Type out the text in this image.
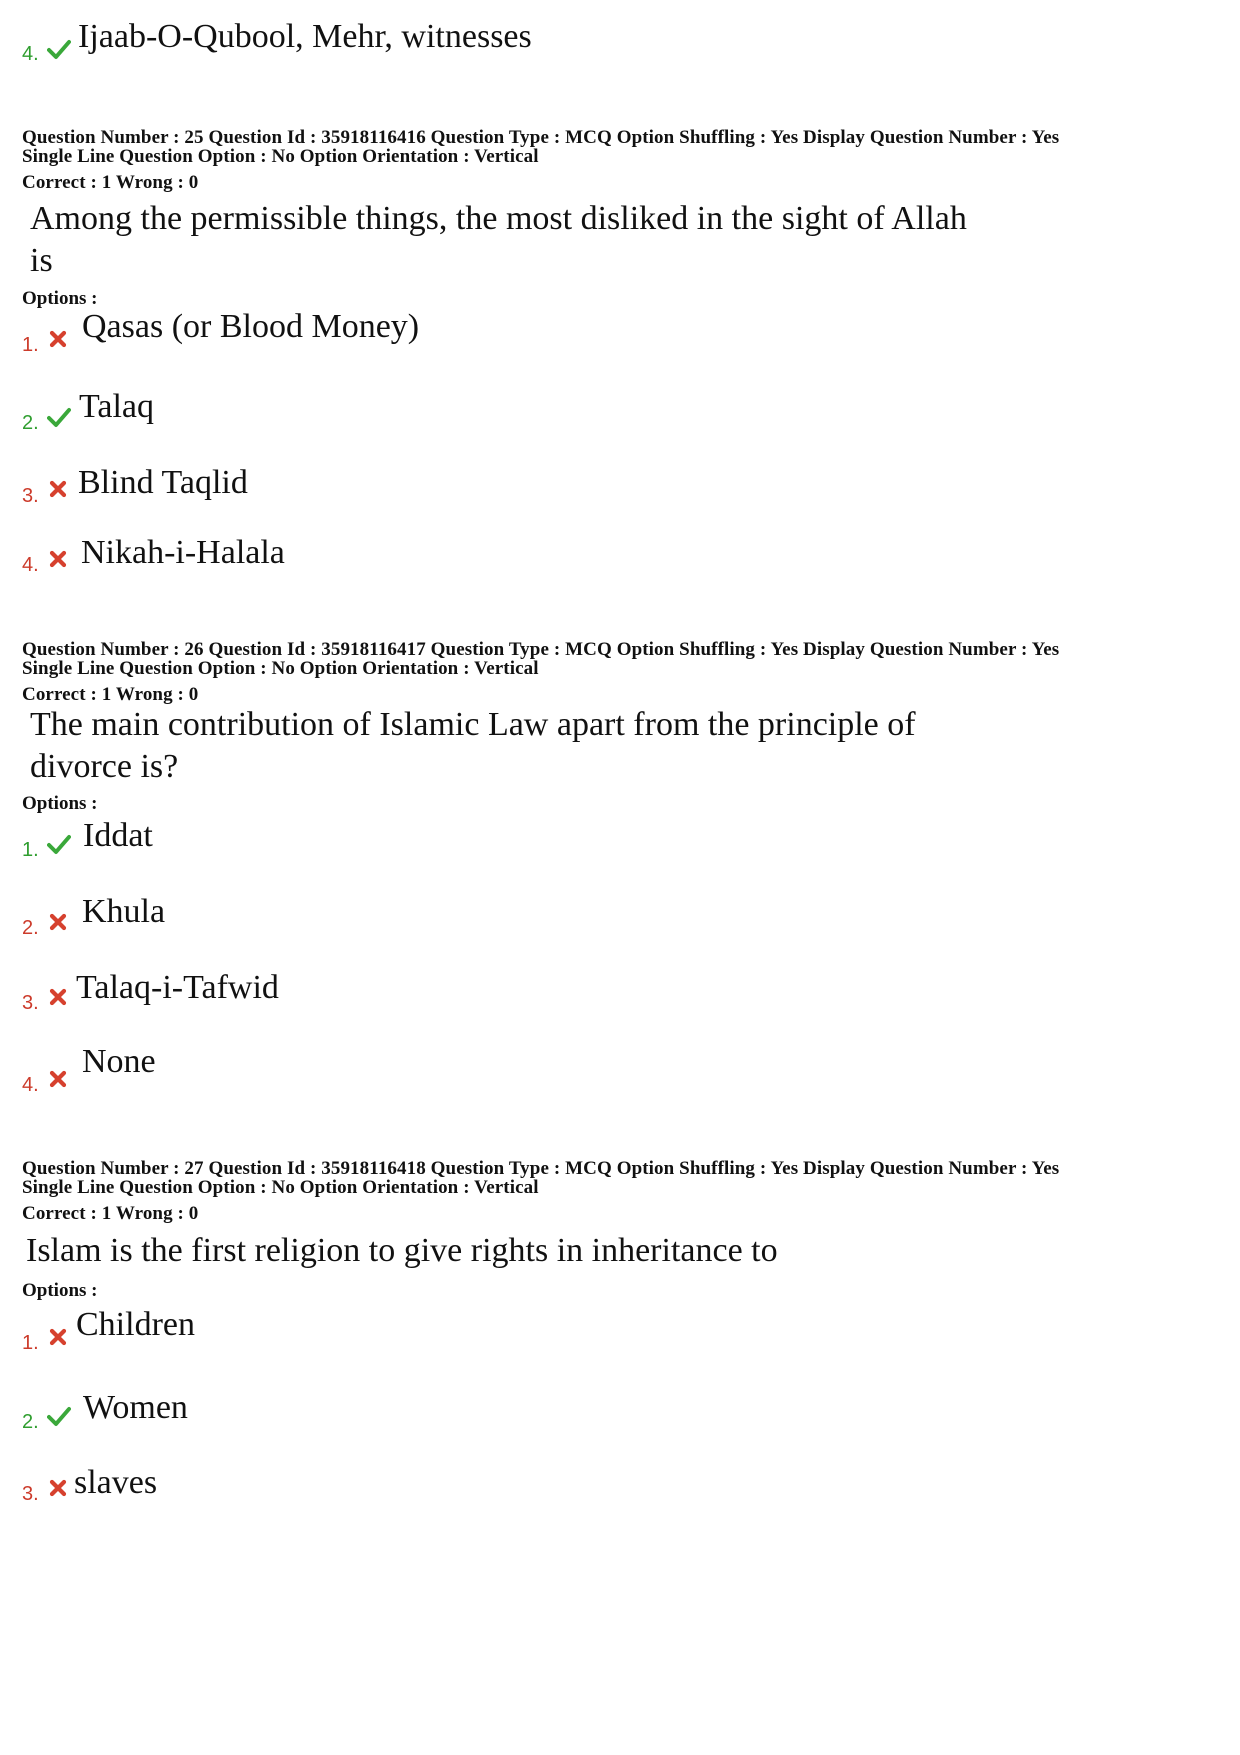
4. Ijaab-O-Qubool, Mehr, witnesses
Question Number : 25 Question Id : 35918116416 Question Type : MCQ Option Shuffling : Yes Display Question Number : Yes
Single Line Question Option : No Option Orientation : Vertical
Correct : 1 Wrong : 0
Among the permissible things, the most disliked in the sight of Allah is
Options :
1. Qasas (or Blood Money)
2. Talaq
3. Blind Taqlid
4. Nikah-i-Halala
Question Number : 26 Question Id : 35918116417 Question Type : MCQ Option Shuffling : Yes Display Question Number : Yes
Single Line Question Option : No Option Orientation : Vertical
Correct : 1 Wrong : 0
The main contribution of Islamic Law apart from the principle of divorce is?
Options :
1. Iddat
2. Khula
3. Talaq-i-Tafwid
4.
None
Question Number : 27 Question Id : 35918116418 Question Type : MCQ Option Shuffling : Yes Display Question Number : Yes
Single Line Question Option : No Option Orientation : Vertical
Correct : 1 Wrong : 0
Islam is the first religion to give rights in inheritance to
Options :
1. Children
2. Women
3. slaves
